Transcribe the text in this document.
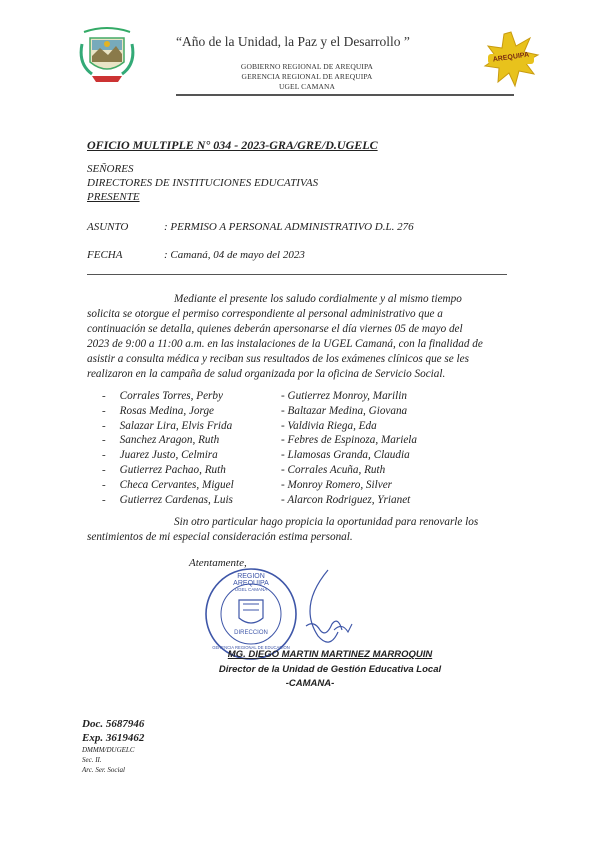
“Año de la Unidad, la Paz y el Desarrollo ”
GOBIERNO REGIONAL DE AREQUIPA
GERENCIA REGIONAL DE AREQUIPA
UGEL CAMANA
AREQUIPA
OFICIO MULTIPLE N° 034 - 2023-GRA/GRE/D.UGELC
SEÑORES
DIRECTORES DE INSTITUCIONES EDUCATIVAS
PRESENTE
ASUNTO	: PERMISO A PERSONAL ADMINISTRATIVO D.L. 276
FECHA	: Camaná, 04 de mayo del 2023
Mediante el presente los saludo cordialmente y al mismo tiempo
solicita se otorgue el permiso correspondiente al personal administrativo que a
continuación se detalla, quienes deberán apersonarse el día viernes 05 de mayo del
2023 de 9:00 a 11:00 a.m. en las instalaciones de la UGEL Camaná, con la finalidad de
asistir a consulta médica y reciban sus resultados de los exámenes clínicos que se les
realizaron en la campaña de salud organizada por la oficina de Servicio Social.
- Corrales Torres, Perby
- Rosas Medina, Jorge
- Salazar Lira, Elvis Frida
- Sanchez Aragon, Ruth
- Juarez Justo, Celmira
- Gutierrez Pachao, Ruth
- Checa Cervantes, Miguel
- Gutierrez Cardenas, Luis
- Gutierrez Monroy, Marilin
- Baltazar Medina, Giovana
- Valdivia Riega, Eda
- Febres de Espinoza, Mariela
- Llamosas Granda, Claudia
- Corrales Acuña, Ruth
- Monroy Romero, Silver
- Alarcon Rodriguez, Yrianet
Sin otro particular hago propicia la oportunidad para renovarle los
sentimientos de mi especial consideración estima personal.
Atentamente,
REGION AREQUIPA
UGEL CAMANA
DIRECCION
GERENCIA REGIONAL DE EDUCACION
MG. DIEGO MARTIN MARTINEZ MARROQUIN
Director de la Unidad de Gestión Educativa Local
-CAMANA-
Doc. 5687946
Exp. 3619462
DMMM/DUGELC
Sec. II.
Arc. Ser. Social
